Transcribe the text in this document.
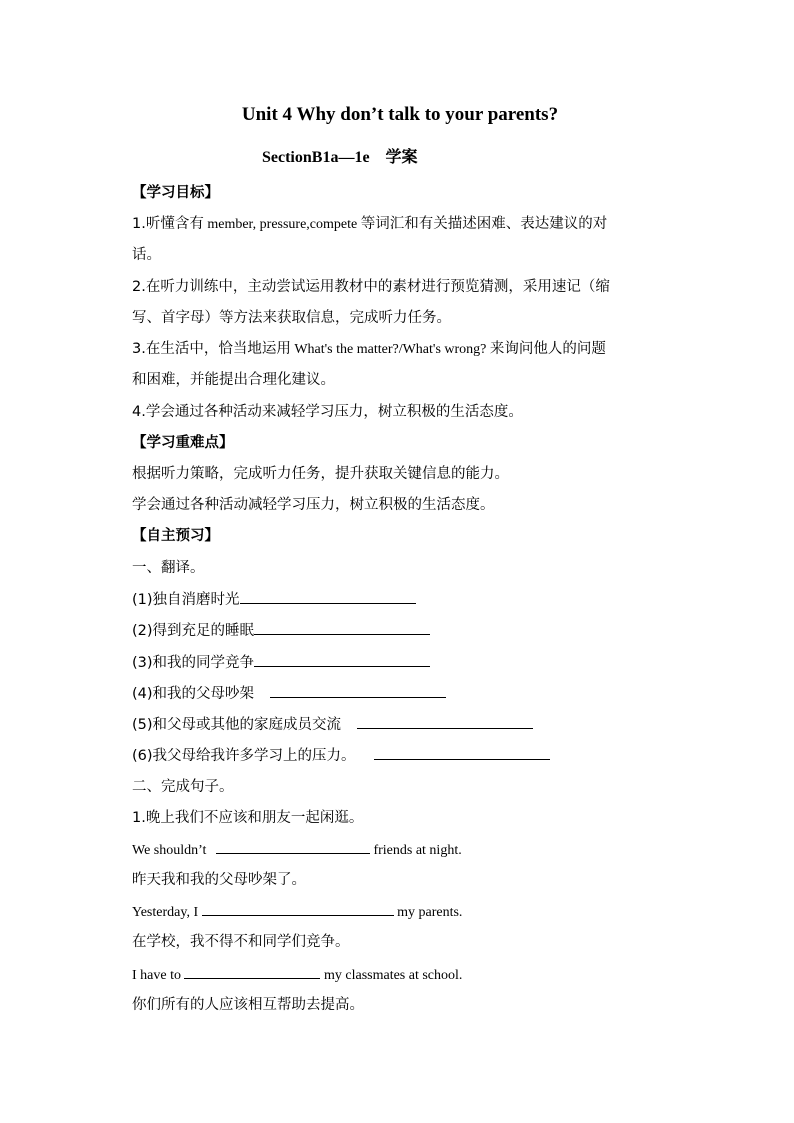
Unit 4 Why don’t talk to your parents?
SectionB1a—1e　学案
【学习目标】
1.听懂含有 member, pressure,compete 等词汇和有关描述困难、表达建议的对
话。
2.在听力训练中，主动尝试运用教材中的素材进行预览猜测，采用速记（缩
写、首字母）等方法来获取信息，完成听力任务。
3.在生活中，恰当地运用 What's the matter?/What's wrong? 来询问他人的问题
和困难，并能提出合理化建议。
4.学会通过各种活动来减轻学习压力，树立积极的生活态度。
【学习重难点】
根据听力策略，完成听力任务，提升获取关键信息的能力。
学会通过各种活动减轻学习压力，树立积极的生活态度。
【自主预习】
一、翻译。
(1)独自消磨时光
(2)得到充足的睡眠
(3)和我的同学竞争
(4)和我的父母吵架
(5)和父母或其他的家庭成员交流
(6)我父母给我许多学习上的压力。
二、完成句子。
1.晚上我们不应该和朋友一起闲逛。
We shouldn’t	friends at night.
昨天我和我的父母吵架了。
Yesterday, I	my parents.
在学校，我不得不和同学们竞争。
I have to	my classmates at school.
你们所有的人应该相互帮助去提高。
